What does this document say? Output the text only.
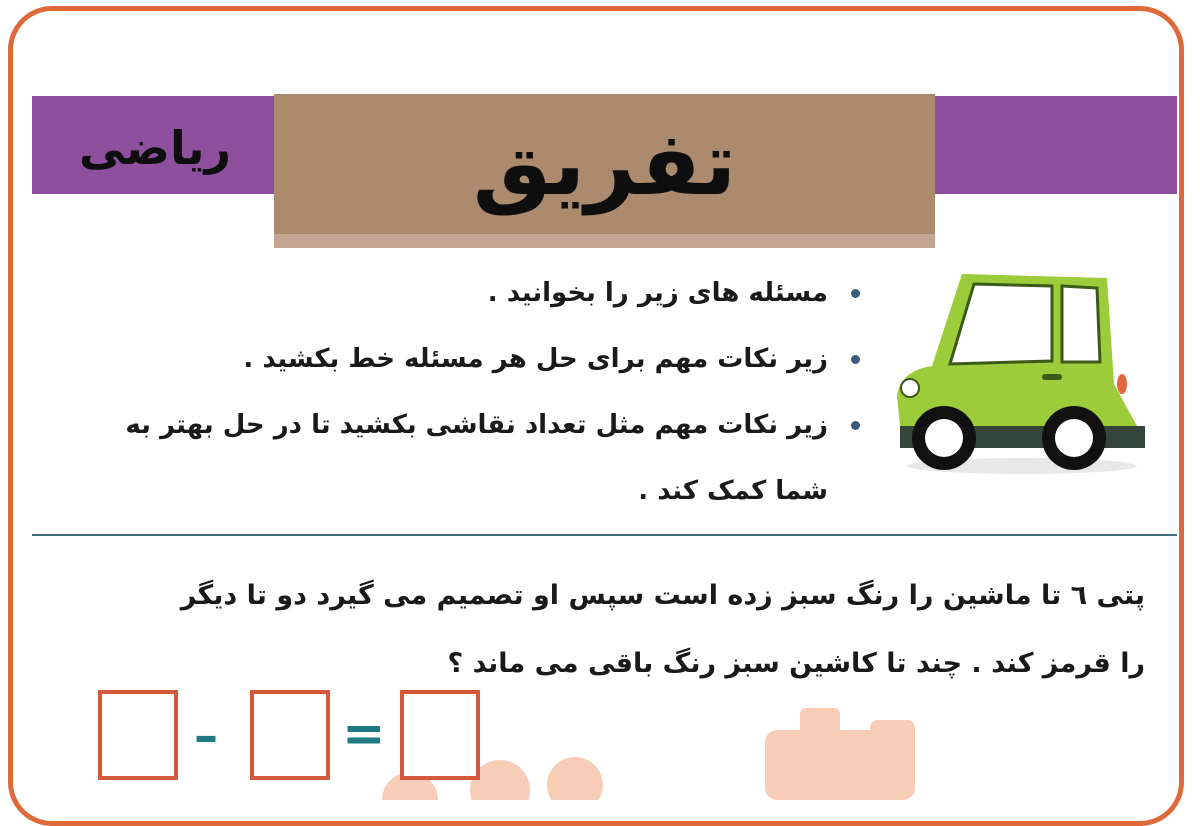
ریاضی	تفریق
مسئله های زیر را بخوانید .
زیر نکات مهم برای حل هر مسئله خط بکشید .
زیر نکات مهم مثل تعداد نقاشی بکشید تا در حل بهتر به شما کمک کند .
پتی ٦ تا ماشین را رنگ سبز زده است سپس او تصمیم می گیرد دو تا دیگر
را قرمز کند . چند تا کاشین سبز رنگ باقی می ماند ؟
– =
